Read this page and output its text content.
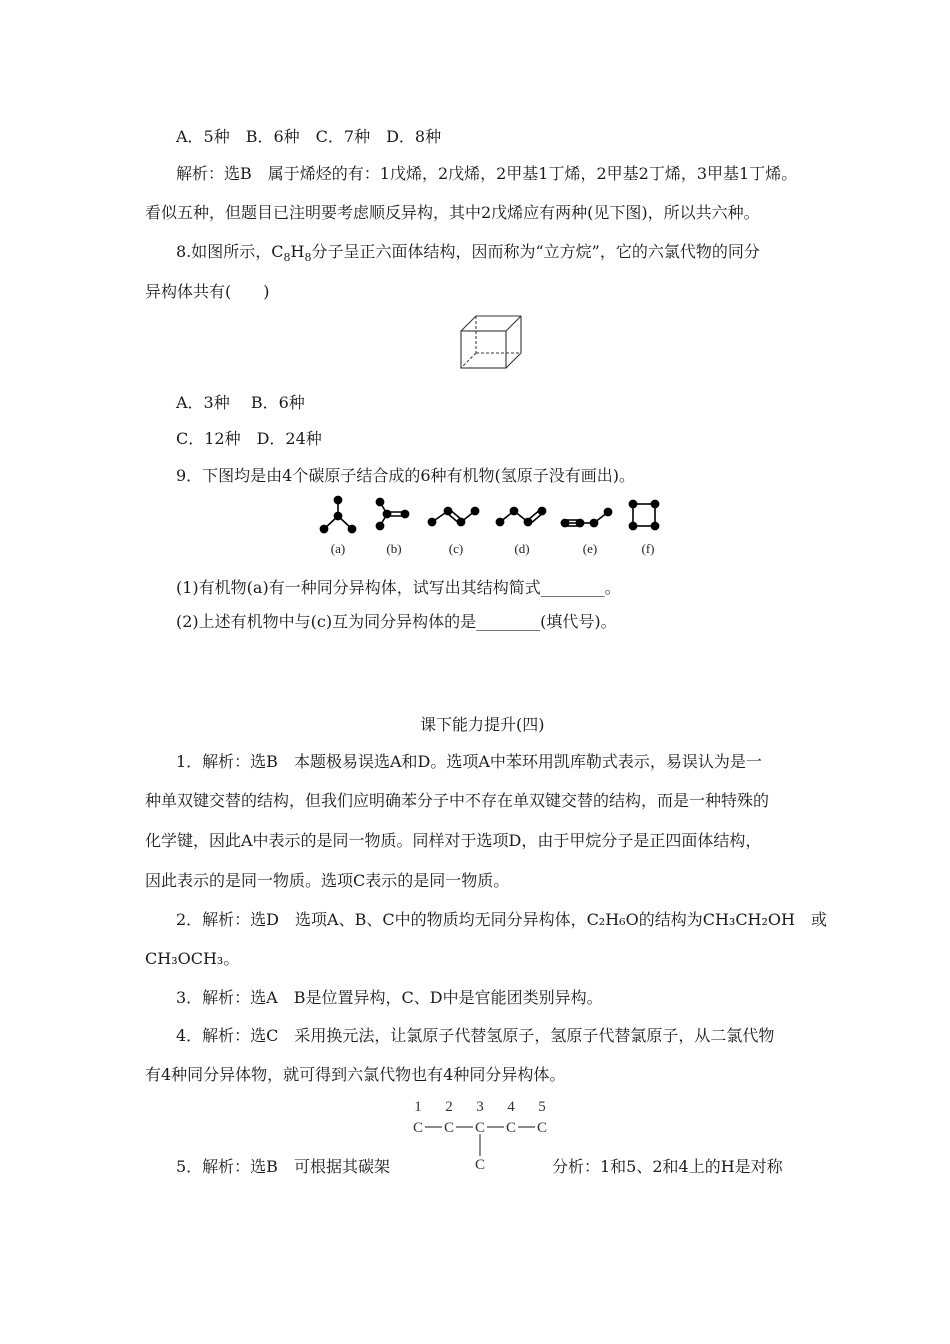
A．5种　B．6种　C．7种　D．8种
解析：选B　属于烯烃的有：1戊烯，2戊烯，2甲基1丁烯，2甲基2丁烯，3甲基1丁烯。
看似五种，但题目已注明要考虑顺反异构，其中2戊烯应有两种(见下图)，所以共六种。
8.如图所示，$C_8H_8$分子呈正六面体结构，因而称为“立方烷”，它的六氯代物的同分
异构体共有(　　)
A．3种　 B．6种
C．12种　D．24种
9．下图均是由4个碳原子结合成的6种有机物(氢原子没有画出)。
(a)	(b)	(c)	(d)	(e)	(f)
(1)有机物(a)有一种同分异构体，试写出其结构简式________。
(2)上述有机物中与(c)互为同分异构体的是________(填代号)。
课下能力提升(四)
1．解析：选B　本题极易误选A和D。选项A中苯环用凯库勒式表示，易误认为是一
种单双键交替的结构，但我们应明确苯分子中不存在单双键交替的结构，而是一种特殊的
化学键，因此A中表示的是同一物质。同样对于选项D，由于甲烷分子是正四面体结构，
因此表示的是同一物质。选项C表示的是同一物质。
2．解析：选D　选项A、B、C中的物质均无同分异构体，C₂H₆O的结构为CH₃CH₂OH　或
CH₃OCH₃。
3．解析：选A　B是位置异构，C、D中是官能团类别异构。
4．解析：选C　采用换元法，让氯原子代替氢原子，氢原子代替氯原子，从二氯代物
有4种同分异体物，就可得到六氯代物也有4种同分异构体。
1 2 3 4 5
C C C C C
C
5．解析：选B　可根据其碳架	分析：1和5、2和4上的H是对称
